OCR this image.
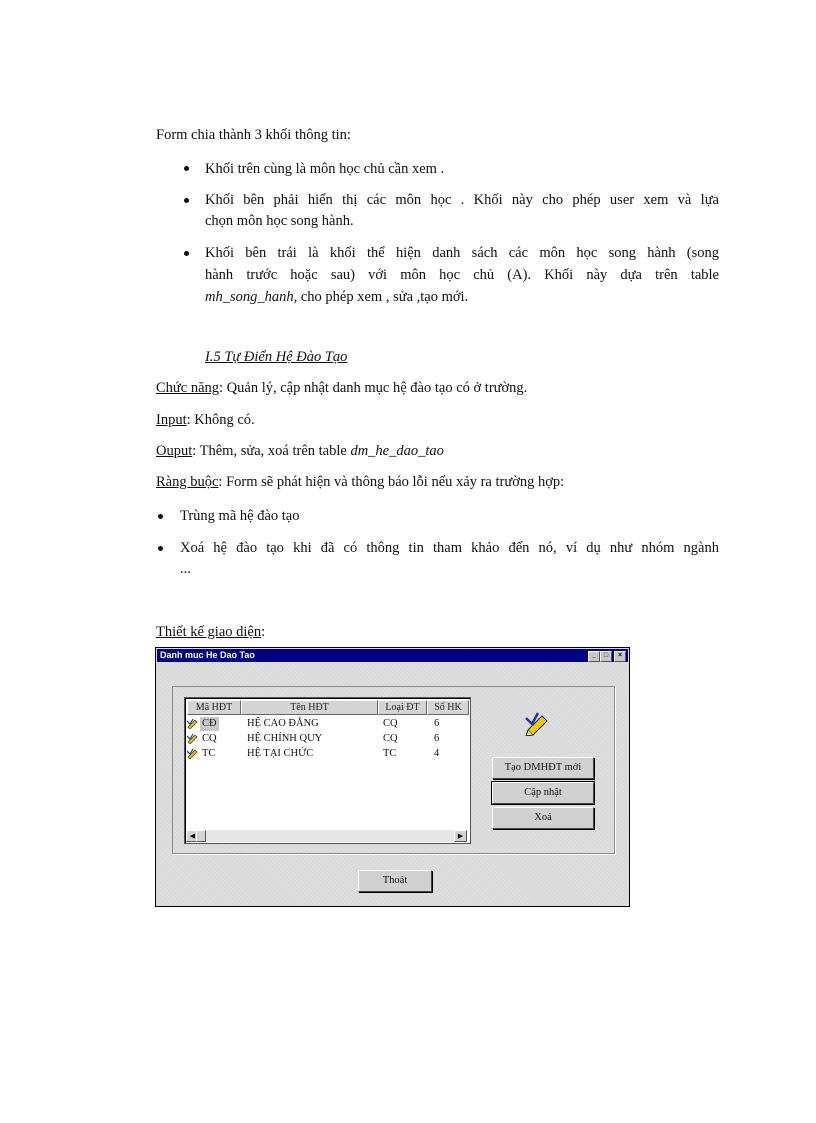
Form chia thành 3 khối thông tin:
Khối trên cùng là môn học chủ cần xem .
Khối bên phải hiển thị các môn học . Khối này cho phép user xem và lựa
chọn môn học song hành.
Khối bên trái là khối thể hiện danh sách các môn học song hành (song
hành trước hoặc sau) với môn học chủ (A). Khối này dựa trên table
mh_song_hanh, cho phép xem , sửa ,tạo mới.
I.5 Tự Điển Hệ Đào Tạo
Chức năng: Quản lý, cập nhật danh mục hệ đào tạo có ở trường.
Input: Không có.
Ouput: Thêm, sửa, xoá trên table dm_he_dao_tao
Ràng buộc: Form sẽ phát hiện và thông báo lỗi nếu xảy ra trường hợp:
Trùng mã hệ đào tạo
Xoá hệ đào tạo khi đã có thông tin tham khảo đến nó, ví dụ như nhóm ngành
...
Thiết kế giao diện:
Danh muc He Dao Tao	_	□	×
Mã HĐT	Tên HĐT	Loại ĐT	Số HK
CĐ	HỆ CAO ĐẲNG	CQ	6
CQ	HỆ CHÍNH QUY	CQ	6
TC	HỆ TẠI CHỨC	TC	4
◀	▶
Tạo DMHĐT mới
Cập nhật
Xoá
Thoát
